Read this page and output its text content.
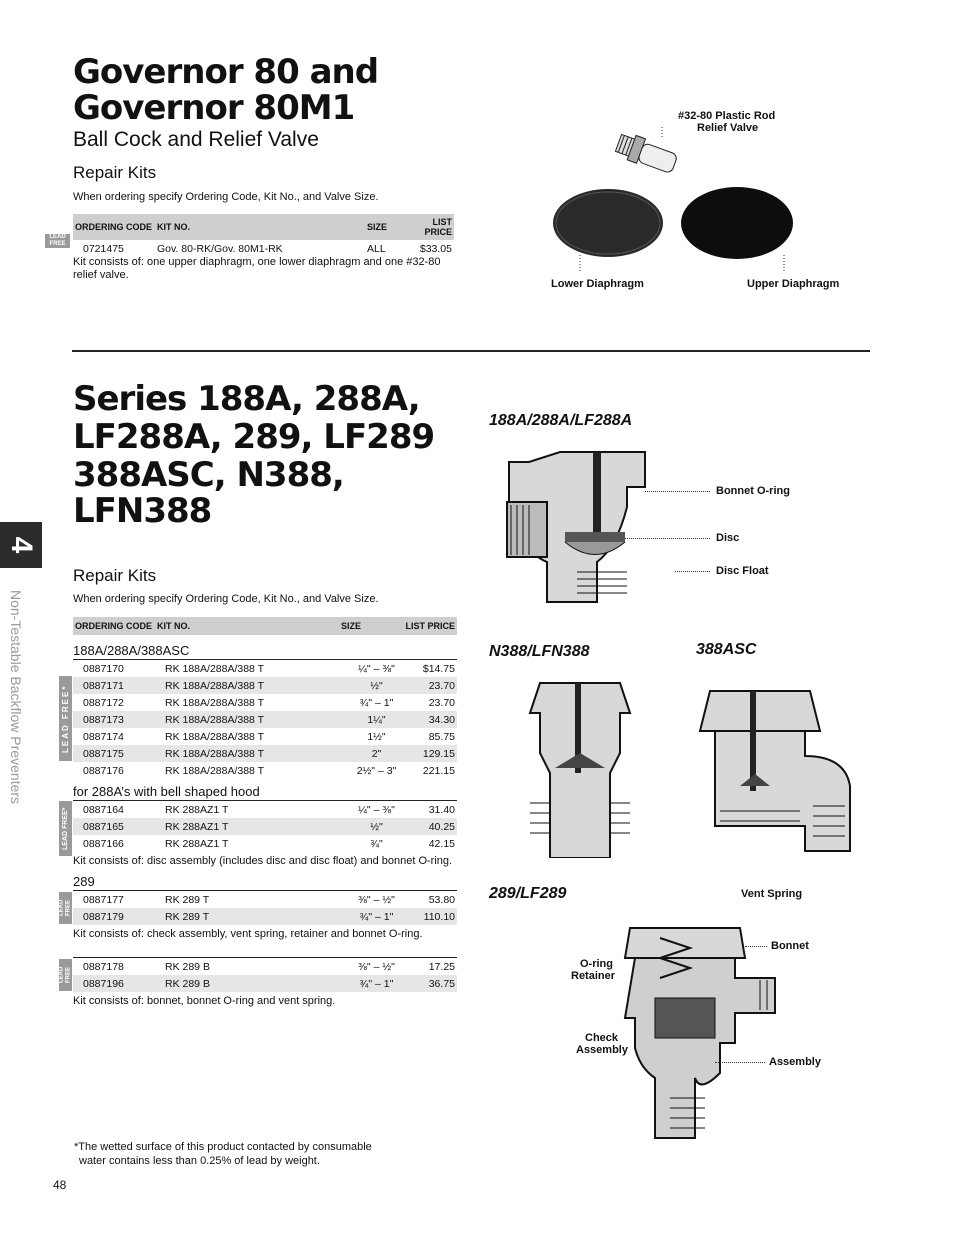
4
Non-Testable Backflow Preventers
Governor 80 and
Governor 80M1
Ball Cock and Relief Valve
Repair Kits
When ordering specify Ordering Code, Kit No., and Valve Size.
LEAD FREE
ORDERING CODE	KIT NO.	SIZE	LIST PRICE
0721475	Gov. 80-RK/Gov. 80M1-RK	ALL	$33.05
Kit consists of: one upper diaphragm, one lower diaphragm and one #32-80 relief valve.
#32-80 Plastic Rod
Relief Valve
Lower Diaphragm	Upper Diaphragm
Series 188A, 288A,
LF288A, 289, LF289
388ASC, N388,
LFN388
Repair Kits
When ordering specify Ordering Code, Kit No., and Valve Size.
ORDERING CODE	KIT NO.	SIZE	LIST PRICE
188A/288A/388ASC
LEAD FREE*
0887170	RK 188A/288A/388 T	¼" – ⅜"	$14.75
0887171	RK 188A/288A/388 T	½"	23.70
0887172	RK 188A/288A/388 T	¾" – 1"	23.70
0887173	RK 188A/288A/388 T	1¼"	34.30
0887174	RK 188A/288A/388 T	1½"	85.75
0887175	RK 188A/288A/388 T	2"	129.15
0887176	RK 188A/288A/388 T	2½" – 3"	221.15
for 288A’s with bell shaped hood
LEAD FREE* 0887164	RK 288AZ1 T	¼" – ⅜"	31.40
0887165	RK 288AZ1 T	½"	40.25
0887166	RK 288AZ1 T	¾"	42.15
Kit consists of: disc assembly (includes disc and disc float) and bonnet O-ring.
289
LEAD FREE
0887177	RK 289 T	⅜" – ½"	53.80
0887179	RK 289 T	¾" – 1"	110.10
Kit consists of: check assembly, vent spring, retainer and bonnet O-ring.
LEAD FREE
0887178	RK 289 B	⅜" – ½"	17.25
0887196	RK 289 B	¾" – 1"	36.75
Kit consists of: bonnet, bonnet O-ring and vent spring.
188A/288A/LF288A
Bonnet O-ring
Disc
Disc Float
N388/LFN388	388ASC
289/LF289	Vent Spring
Bonnet
O-ring
Retainer
Check
Assembly
Assembly
*The wetted surface of this product contacted by consumable
water contains less than 0.25% of lead by weight.
48
